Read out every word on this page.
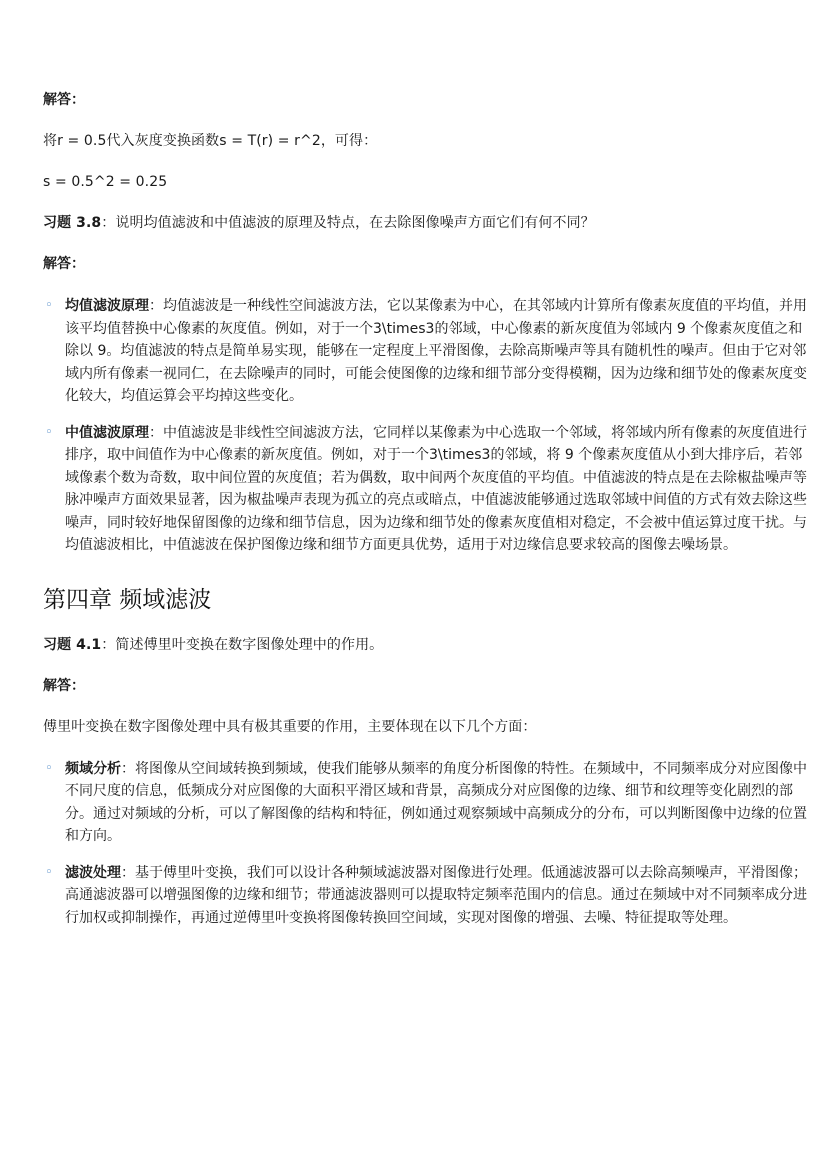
解答：

将r = 0.5代入灰度变换函数s = T(r) = r^2，可得：

s = 0.5^2 = 0.25

习题 3.8：说明均值滤波和中值滤波的原理及特点，在去除图像噪声方面它们有何不同？

解答：

◦ 均值滤波原理：均值滤波是一种线性空间滤波方法，它以某像素为中心，在其邻域内计算所有像素灰度值的平均值，并用该平均值替换中心像素的灰度值。例如，对于一个3\times3的邻域，中心像素的新灰度值为邻域内 9 个像素灰度值之和除以 9。均值滤波的特点是简单易实现，能够在一定程度上平滑图像，去除高斯噪声等具有随机性的噪声。但由于它对邻域内所有像素一视同仁，在去除噪声的同时，可能会使图像的边缘和细节部分变得模糊，因为边缘和细节处的像素灰度变化较大，均值运算会平均掉这些变化。
◦ 中值滤波原理：中值滤波是非线性空间滤波方法，它同样以某像素为中心选取一个邻域，将邻域内所有像素的灰度值进行排序，取中间值作为中心像素的新灰度值。例如，对于一个3\times3的邻域，将 9 个像素灰度值从小到大排序后，若邻域像素个数为奇数，取中间位置的灰度值；若为偶数，取中间两个灰度值的平均值。中值滤波的特点是在去除椒盐噪声等脉冲噪声方面效果显著，因为椒盐噪声表现为孤立的亮点或暗点，中值滤波能够通过选取邻域中间值的方式有效去除这些噪声，同时较好地保留图像的边缘和细节信息，因为边缘和细节处的像素灰度值相对稳定，不会被中值运算过度干扰。与均值滤波相比，中值滤波在保护图像边缘和细节方面更具优势，适用于对边缘信息要求较高的图像去噪场景。
第四章 频域滤波

习题 4.1：简述傅里叶变换在数字图像处理中的作用。

解答：

傅里叶变换在数字图像处理中具有极其重要的作用，主要体现在以下几个方面：

◦ 频域分析：将图像从空间域转换到频域，使我们能够从频率的角度分析图像的特性。在频域中，不同频率成分对应图像中不同尺度的信息，低频成分对应图像的大面积平滑区域和背景，高频成分对应图像的边缘、细节和纹理等变化剧烈的部分。通过对频域的分析，可以了解图像的结构和特征，例如通过观察频域中高频成分的分布，可以判断图像中边缘的位置和方向。
◦ 滤波处理：基于傅里叶变换，我们可以设计各种频域滤波器对图像进行处理。低通滤波器可以去除高频噪声，平滑图像；高通滤波器可以增强图像的边缘和细节；带通滤波器则可以提取特定频率范围内的信息。通过在频域中对不同频率成分进行加权或抑制操作，再通过逆傅里叶变换将图像转换回空间域，实现对图像的增强、去噪、特征提取等处理。
